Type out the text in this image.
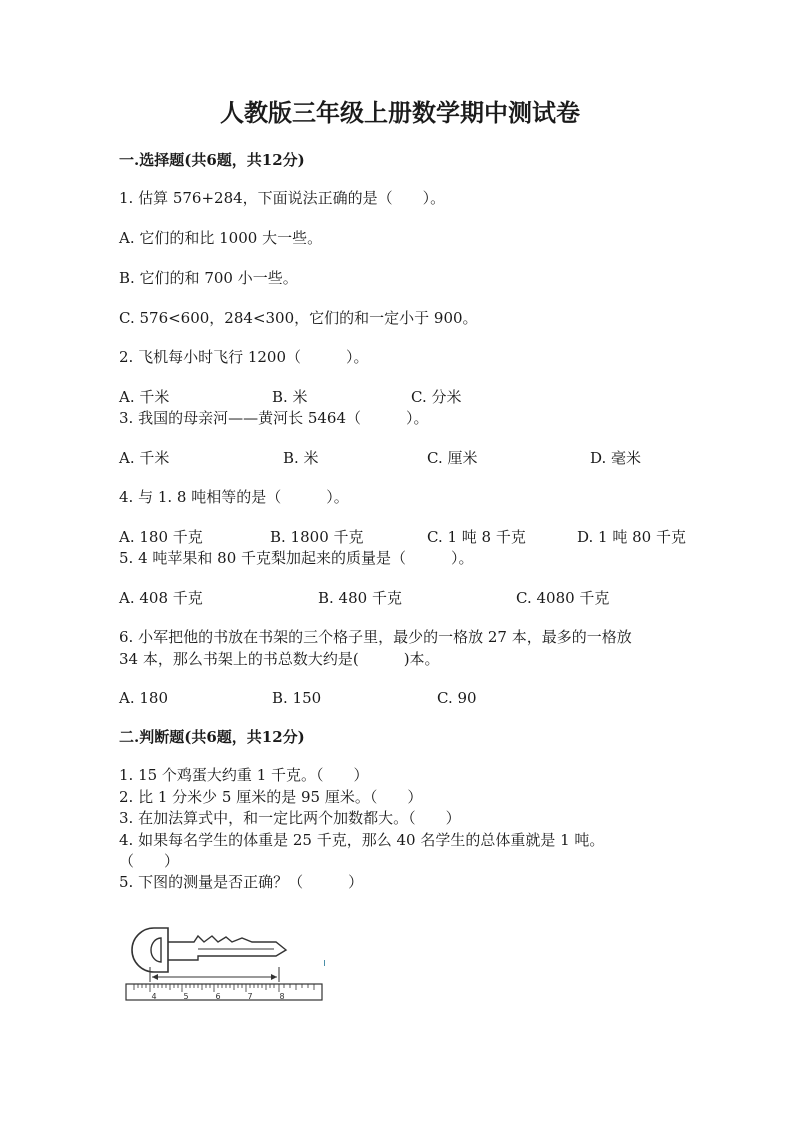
人教版三年级上册数学期中测试卷
一.选择题(共6题，共12分)
1. 估算 576+284，下面说法正确的是（　　）。
A. 它们的和比 1000 大一些。
B. 它们的和 700 小一些。
C. 576<600，284<300，它们的和一定小于 900。
2. 飞机每小时飞行 1200（　　　）。
A. 千米	B. 米	C. 分米
3. 我国的母亲河——黄河长 5464（　　　）。
A. 千米	B. 米	C. 厘米	D. 毫米
4. 与 1. 8 吨相等的是（　　　）。
A. 180 千克	B. 1800 千克	C. 1 吨 8 千克	D. 1 吨 80 千克
5. 4 吨苹果和 80 千克梨加起来的质量是（　　　）。
A. 408 千克	B. 480 千克	C. 4080 千克
6. 小军把他的书放在书架的三个格子里，最少的一格放 27 本，最多的一格放
34 本，那么书架上的书总数大约是(　　　)本。
A. 180	B. 150	C. 90
二.判断题(共6题，共12分)
1. 15 个鸡蛋大约重 1 千克。（　　）
2. 比 1 分米少 5 厘米的是 95 厘米。（　　）
3. 在加法算式中，和一定比两个加数都大。（　　）
4. 如果每名学生的体重是 25 千克，那么 40 名学生的总体重就是 1 吨。
（　　）
5. 下图的测量是否正确？（　　　）
4	5	6	7	8
